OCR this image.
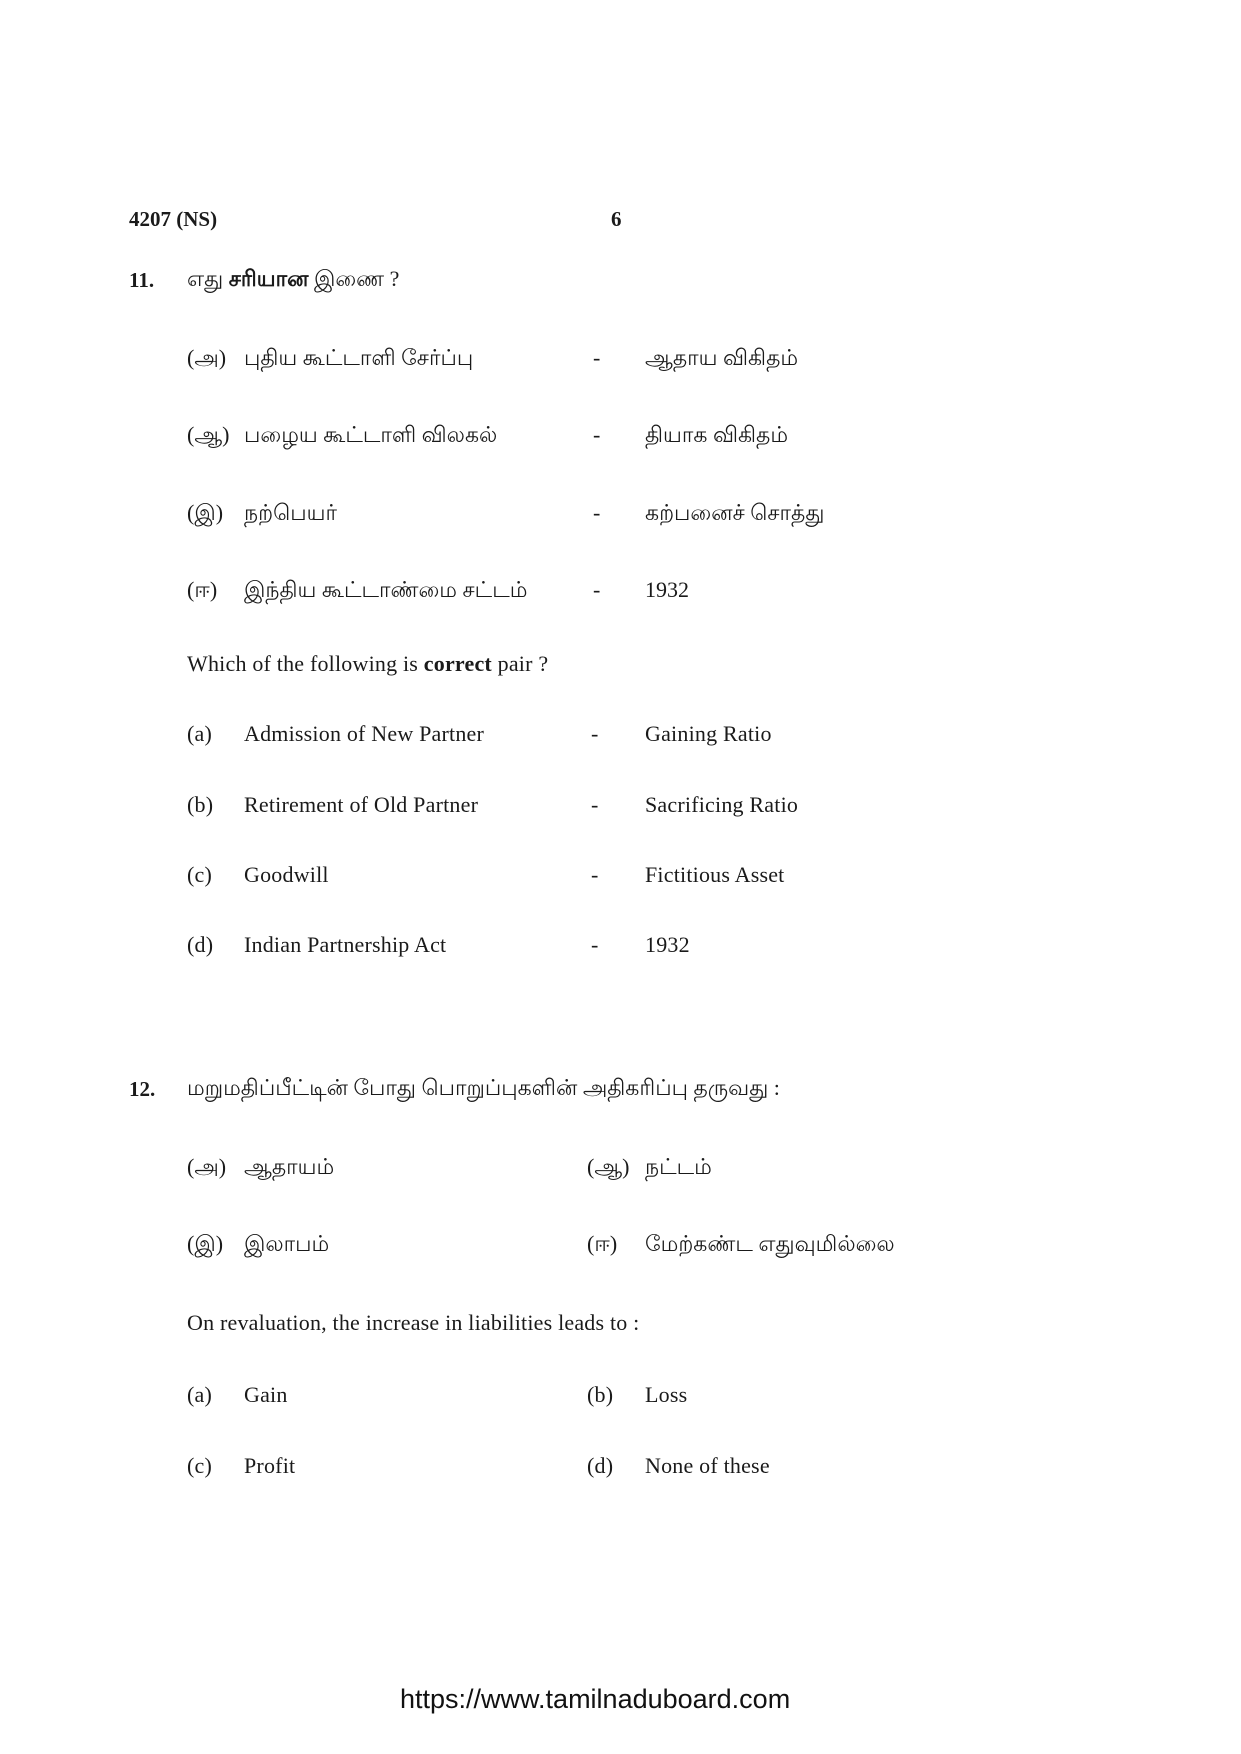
4207 (NS)	6
11. எது சரியான இணை ?
(அ) புதிய கூட்டாளி சேர்ப்பு	- ஆதாய விகிதம்
(ஆ) பழைய கூட்டாளி விலகல்	- தியாக விகிதம்
(இ) நற்பெயர்	- கற்பனைச் சொத்து
(ஈ) இந்திய கூட்டாண்மை சட்டம்	- 1932
Which of the following is correct pair ?
(a) Admission of New Partner	- Gaining Ratio
(b) Retirement of Old Partner	- Sacrificing Ratio
(c) Goodwill	- Fictitious Asset
(d) Indian Partnership Act	- 1932
12. மறுமதிப்பீட்டின் போது பொறுப்புகளின் அதிகரிப்பு தருவது :
(அ) ஆதாயம்	(ஆ) நட்டம்
(இ) இலாபம்	(ஈ) மேற்கண்ட எதுவுமில்லை
On revaluation, the increase in liabilities leads to :
(a) Gain	(b) Loss
(c) Profit	(d) None of these
https://www.tamilnaduboard.com
